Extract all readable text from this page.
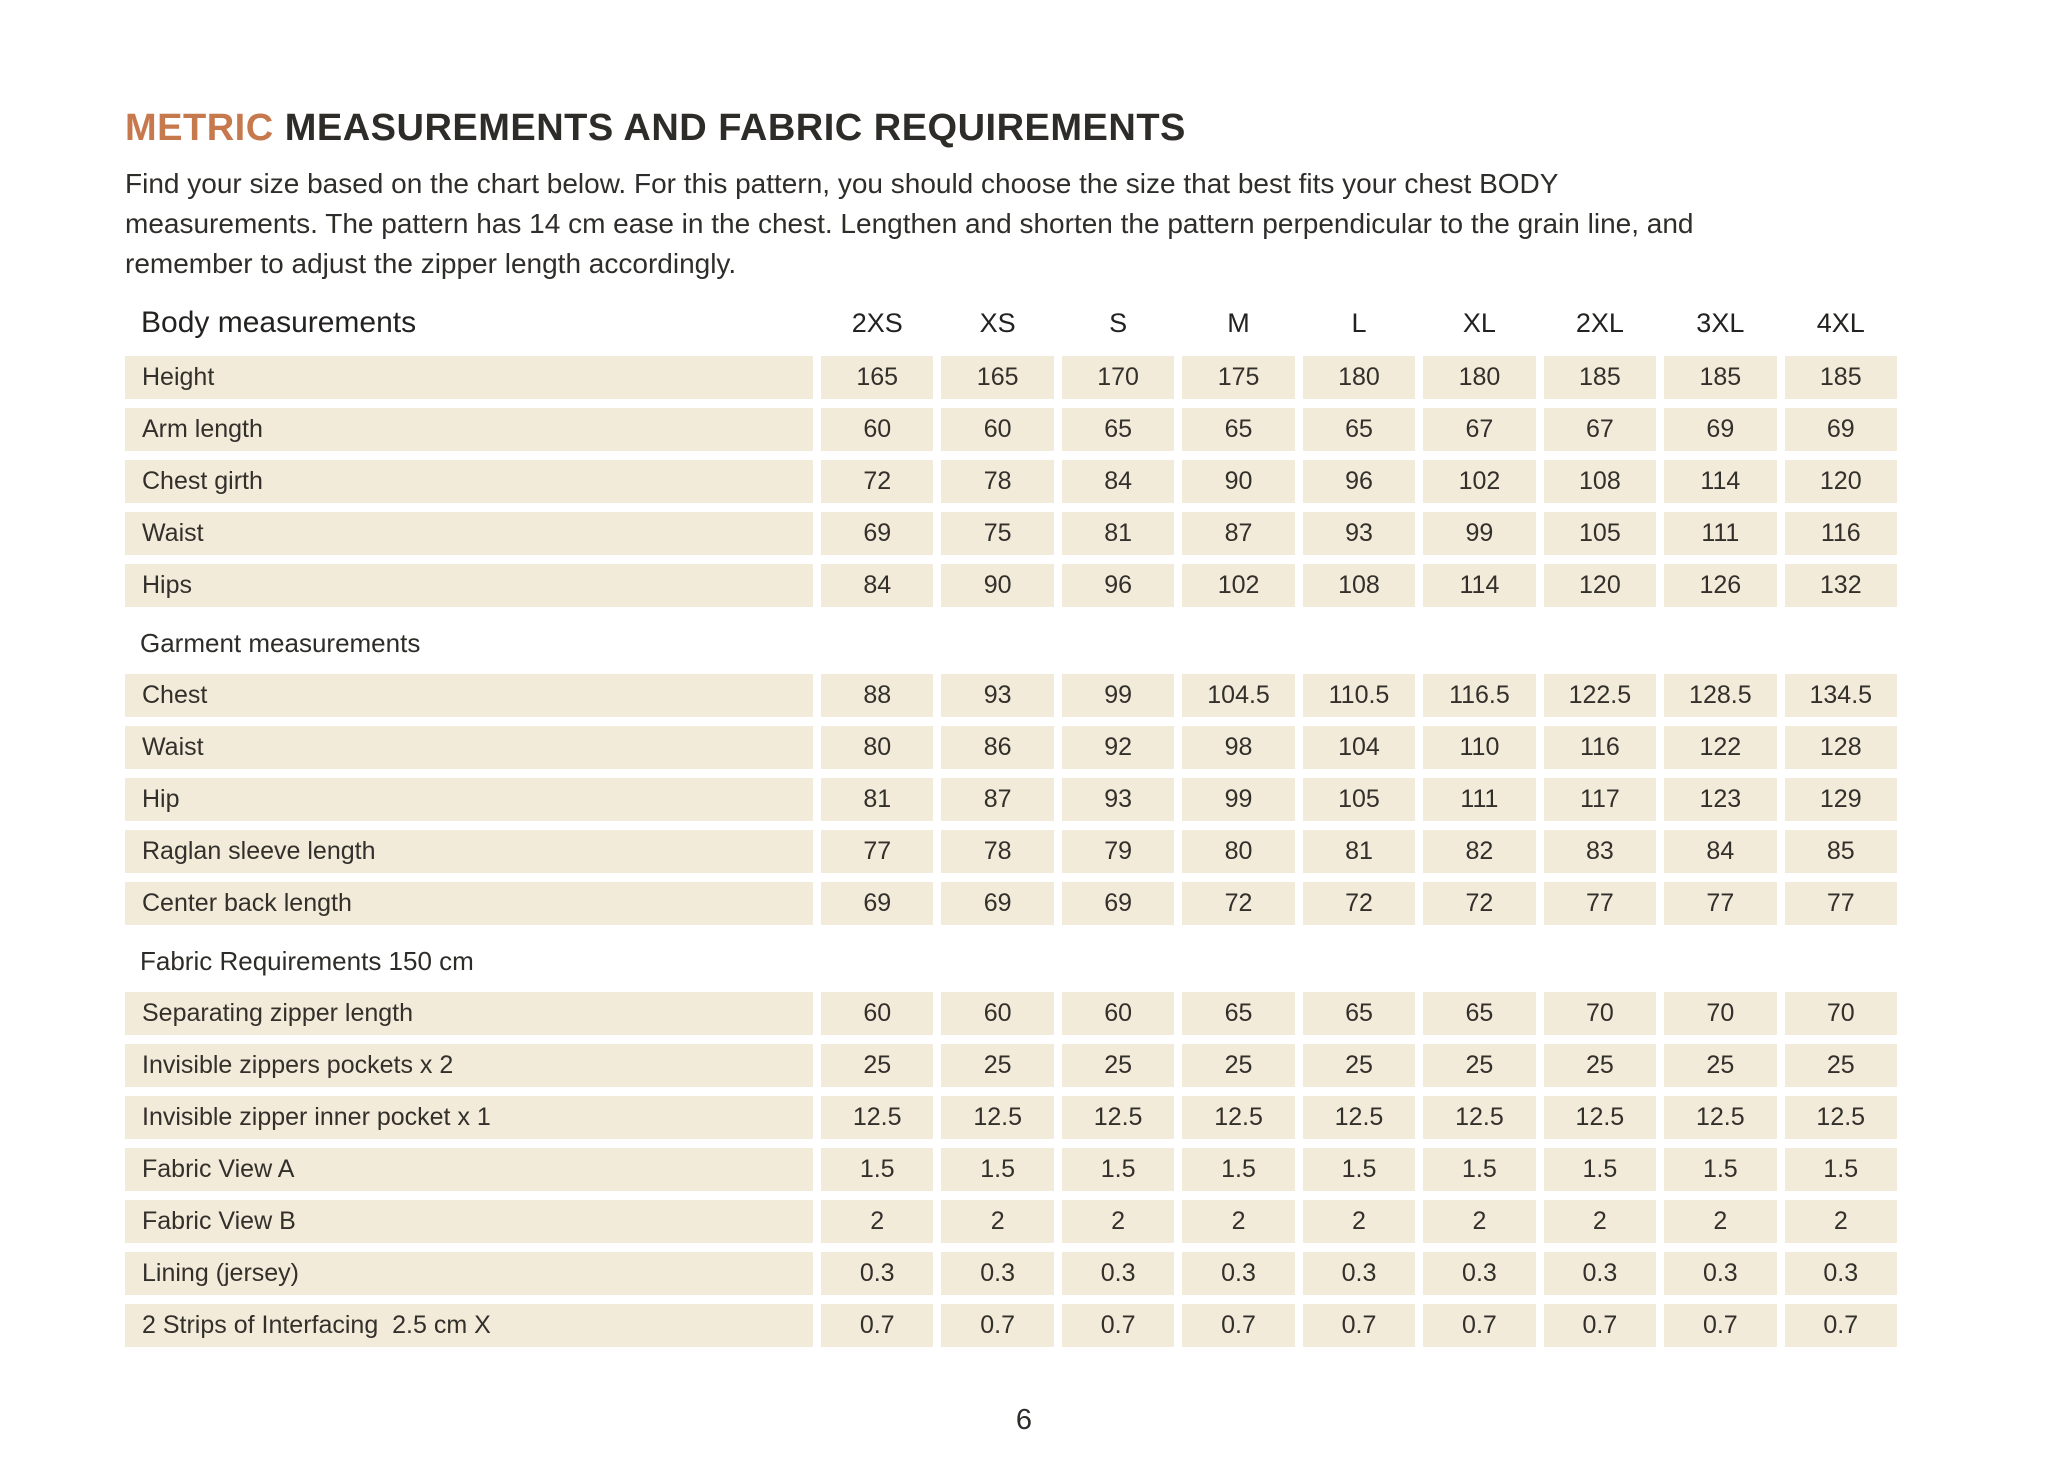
METRIC MEASUREMENTS AND FABRIC REQUIREMENTS

Find your size based on the chart below. For this pattern, you should choose the size that best fits your chest BODY measurements. The pattern has 14 cm ease in the chest. Lengthen and shorten the pattern perpendicular to the grain line, and remember to adjust the zipper length accordingly.

Body measurements	2XS	XS	S	M	L	XL	2XL	3XL	4XL
Height	165	165	170	175	180	180	185	185	185
Arm length	60	60	65	65	65	67	67	69	69
Chest girth	72	78	84	90	96	102	108	114	120
Waist	69	75	81	87	93	99	105	111	116
Hips	84	90	96	102	108	114	120	126	132
Garment measurements
Chest	88	93	99	104.5	110.5	116.5	122.5	128.5	134.5
Waist	80	86	92	98	104	110	116	122	128
Hip	81	87	93	99	105	111	117	123	129
Raglan sleeve length	77	78	79	80	81	82	83	84	85
Center back length	69	69	69	72	72	72	77	77	77
Fabric Requirements 150 cm
Separating zipper length	60	60	60	65	65	65	70	70	70
Invisible zippers pockets x 2	25	25	25	25	25	25	25	25	25
Invisible zipper inner pocket x 1	12.5	12.5	12.5	12.5	12.5	12.5	12.5	12.5	12.5
Fabric View A	1.5	1.5	1.5	1.5	1.5	1.5	1.5	1.5	1.5
Fabric View B	2	2	2	2	2	2	2	2	2
Lining (jersey)	0.3	0.3	0.3	0.3	0.3	0.3	0.3	0.3	0.3
2 Strips of Interfacing  2.5 cm X	0.7	0.7	0.7	0.7	0.7	0.7	0.7	0.7	0.7
6
